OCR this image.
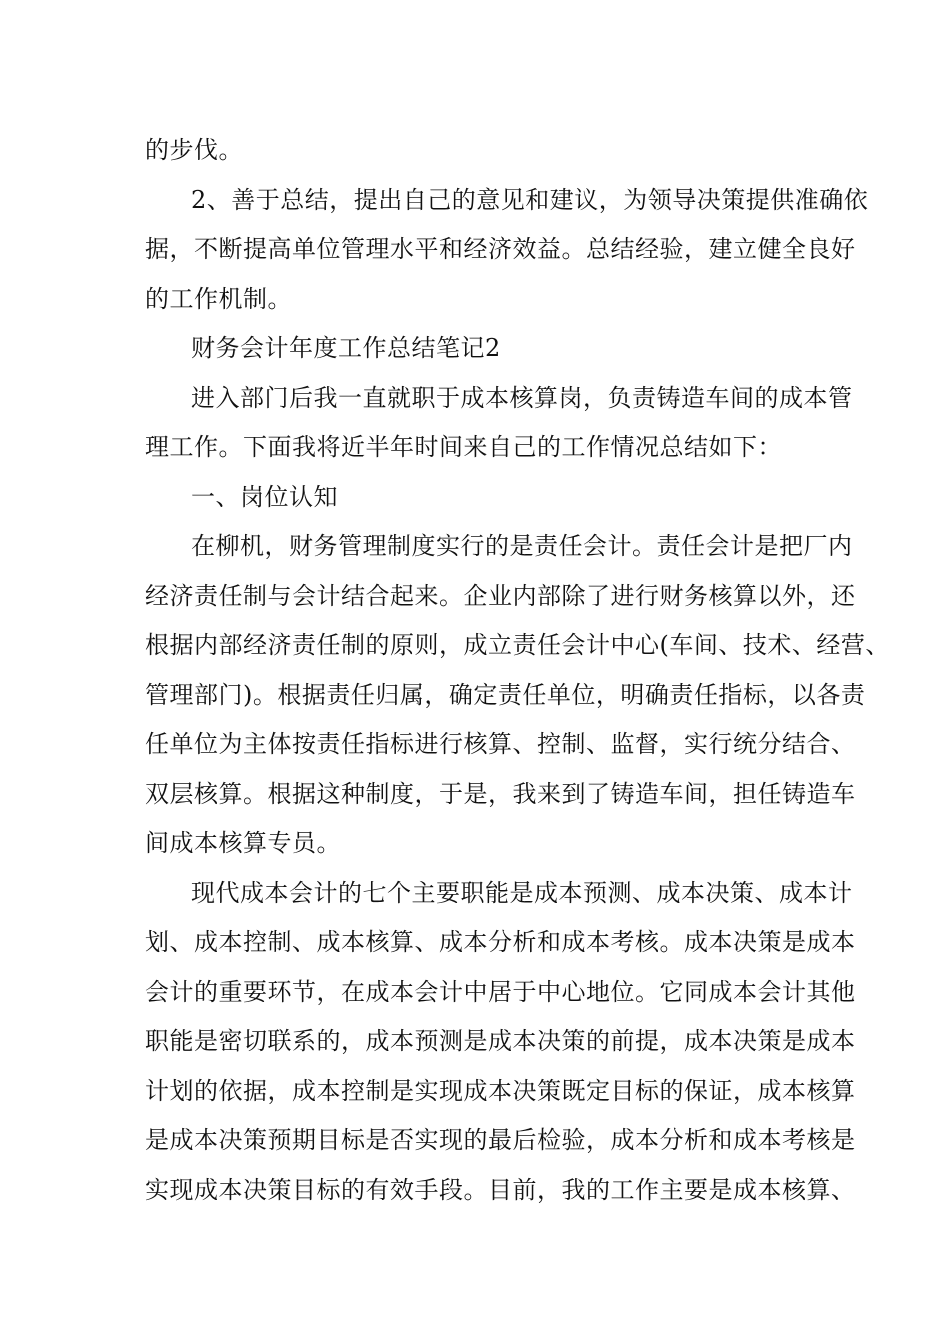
的步伐。
2、善于总结，提出自己的意见和建议，为领导决策提供准确依
据，不断提高单位管理水平和经济效益。总结经验，建立健全良好
的工作机制。
财务会计年度工作总结笔记2
进入部门后我一直就职于成本核算岗，负责铸造车间的成本管
理工作。下面我将近半年时间来自己的工作情况总结如下：
一、岗位认知
在柳机，财务管理制度实行的是责任会计。责任会计是把厂内
经济责任制与会计结合起来。企业内部除了进行财务核算以外，还
根据内部经济责任制的原则，成立责任会计中心(车间、技术、经营、
管理部门)。根据责任归属，确定责任单位，明确责任指标，以各责
任单位为主体按责任指标进行核算、控制、监督，实行统分结合、
双层核算。根据这种制度，于是，我来到了铸造车间，担任铸造车
间成本核算专员。
现代成本会计的七个主要职能是成本预测、成本决策、成本计
划、成本控制、成本核算、成本分析和成本考核。成本决策是成本
会计的重要环节，在成本会计中居于中心地位。它同成本会计其他
职能是密切联系的，成本预测是成本决策的前提，成本决策是成本
计划的依据，成本控制是实现成本决策既定目标的保证，成本核算
是成本决策预期目标是否实现的最后检验，成本分析和成本考核是
实现成本决策目标的有效手段。目前，我的工作主要是成本核算、
